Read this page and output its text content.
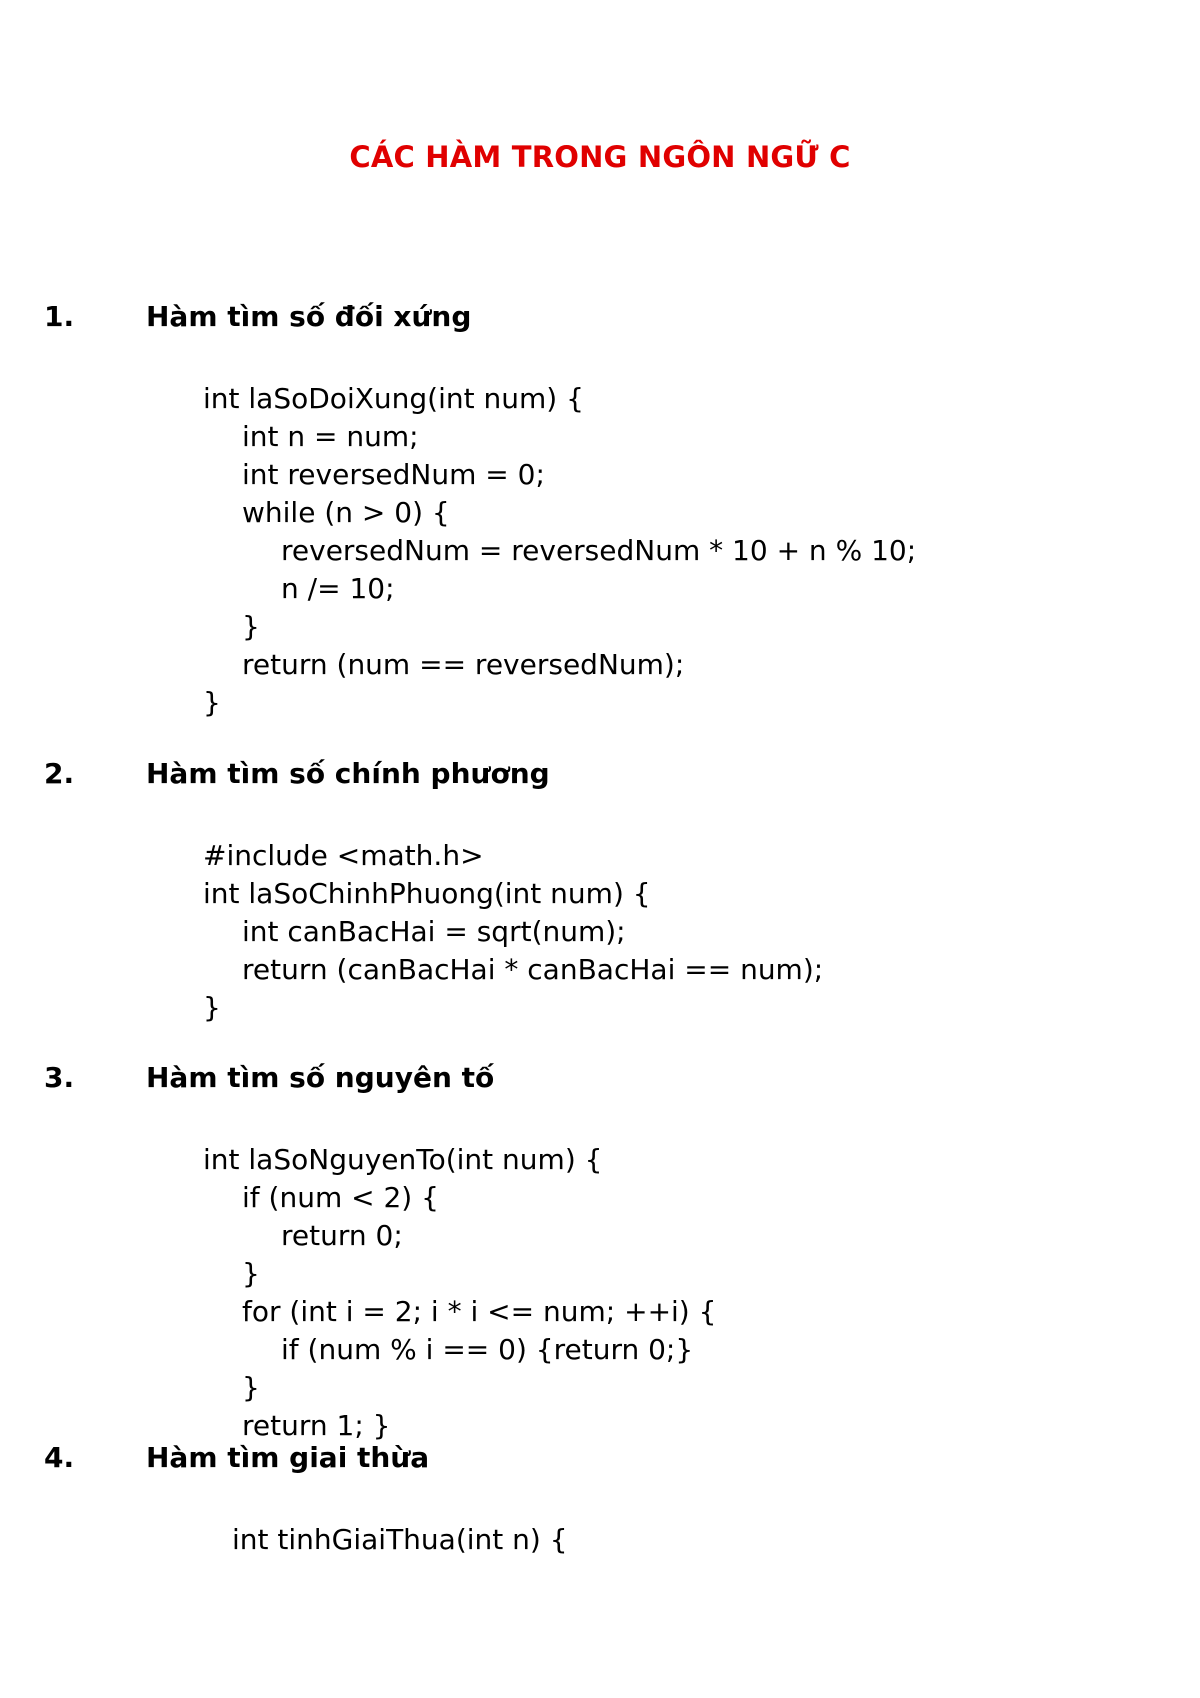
CÁC HÀM TRONG NGÔN NGỮ C
1.	Hàm tìm số đối xứng
int laSoDoiXung(int num) {
int n = num;
int reversedNum = 0;
while (n > 0) {
reversedNum = reversedNum * 10 + n % 10;
n /= 10;
}
return (num == reversedNum);
}
2.	Hàm tìm số chính phương
#include <math.h>
int laSoChinhPhuong(int num) {
int canBacHai = sqrt(num);
return (canBacHai * canBacHai == num);
}
3.	Hàm tìm số nguyên tố
int laSoNguyenTo(int num) {
if (num < 2) {
return 0;
}
for (int i = 2; i * i <= num; ++i) {
if (num % i == 0) {return 0;}
}
return 1; }
4.	Hàm tìm giai thừa
int tinhGiaiThua(int n) {
